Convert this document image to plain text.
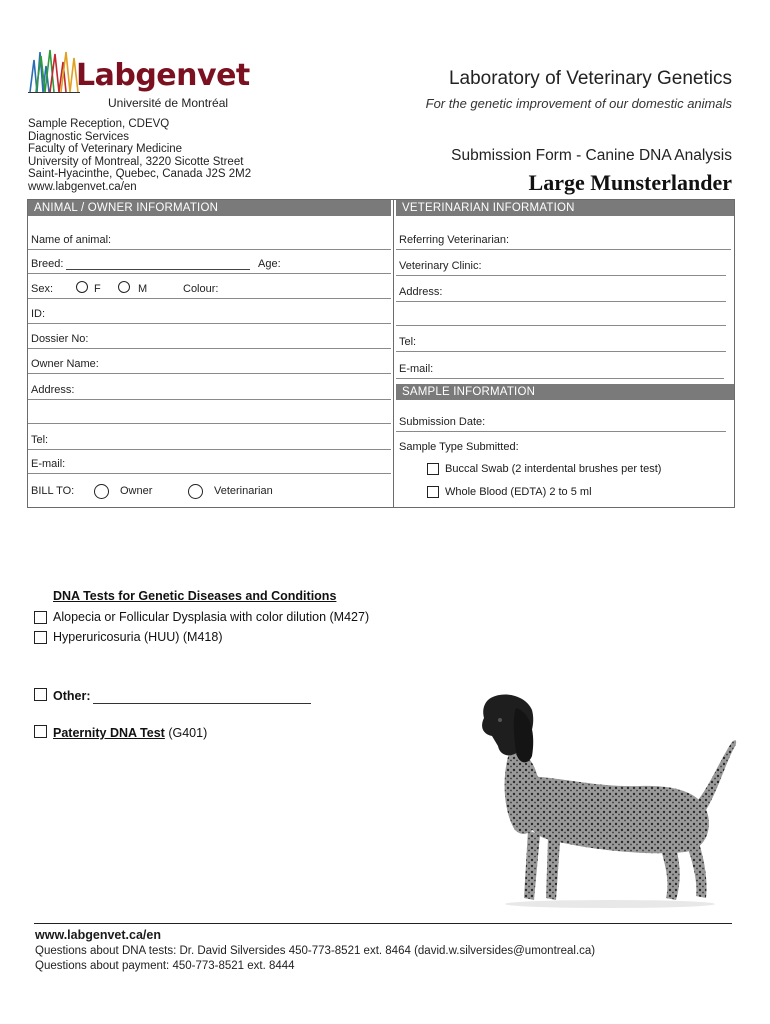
Labgenvet
Université de Montréal
Laboratory of Veterinary Genetics
For the genetic improvement of our domestic animals
Sample Reception, CDEVQ
Diagnostic Services
Faculty of Veterinary Medicine
University of Montreal, 3220 Sicotte Street
Saint-Hyacinthe, Quebec, Canada J2S 2M2
www.labgenvet.ca/en
Submission Form - Canine DNA Analysis
Large Munsterlander
ANIMAL / OWNER INFORMATION
Name of animal:
Breed:	Age:
Sex:	F	M	Colour:
ID:
Dossier No:
Owner Name:
Address:
Tel:
E-mail:
BILL TO:	Owner	Veterinarian
VETERINARIAN INFORMATION
Referring Veterinarian:
Veterinary Clinic:
Address:
Tel:
E-mail:
SAMPLE INFORMATION
Submission Date:
Sample Type Submitted:
Buccal Swab (2 interdental brushes per test)
Whole Blood (EDTA) 2 to 5 ml
DNA Tests for Genetic Diseases and Conditions
Alopecia or Follicular Dysplasia with color dilution (M427)
Hyperuricosuria (HUU) (M418)
Other:
Paternity DNA Test (G401)
www.labgenvet.ca/en
Questions about DNA tests: Dr. David Silversides 450-773-8521 ext. 8464 (david.w.silversides@umontreal.ca)
Questions about payment: 450-773-8521 ext. 8444
